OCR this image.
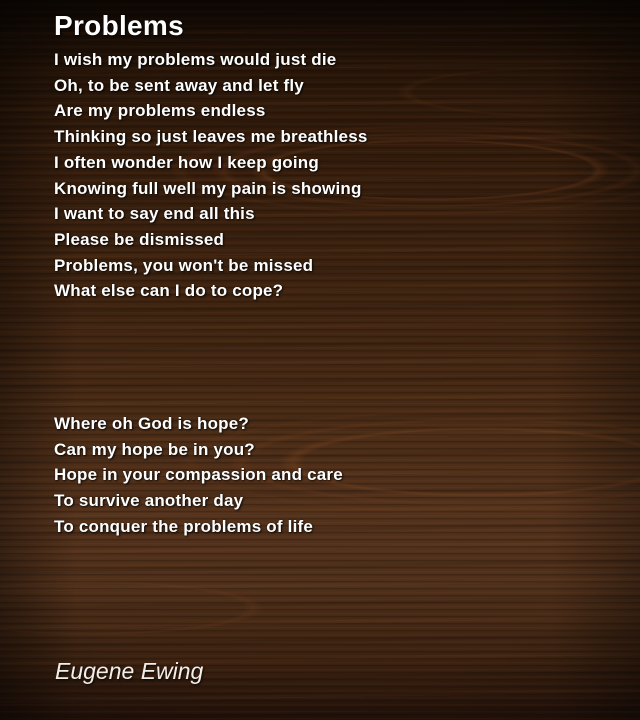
Problems

I wish my problems would just die

Oh, to be sent away and let fly

Are my problems endless

Thinking so just leaves me breathless

I often wonder how I keep going

Knowing full well my pain is showing

I want to say end all this

Please be dismissed

Problems, you won't be missed

What else can I do to cope?

Where oh God is hope?

Can my hope be in you?

Hope in your compassion and care

To survive another day

To conquer the problems of life

Eugene Ewing
